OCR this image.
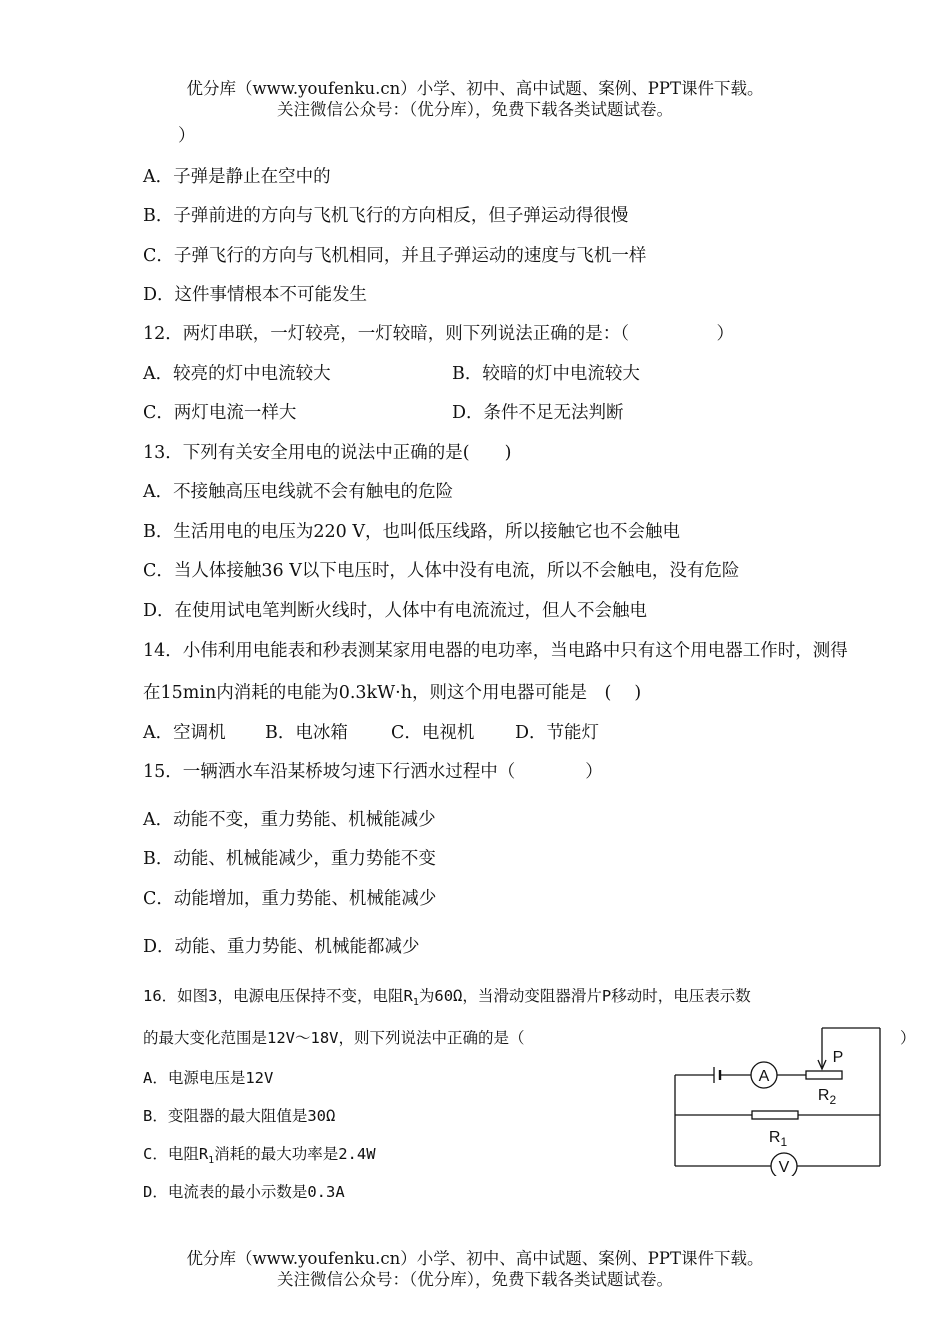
优分库（www.youfenku.cn）小学、初中、高中试题、案例、PPT课件下载。
关注微信公众号：（优分库），免费下载各类试题试卷。
）
A．子弹是静止在空中的
B．子弹前进的方向与飞机飞行的方向相反，但子弹运动得很慢
C．子弹飞行的方向与飞机相同，并且子弹运动的速度与飞机一样
D．这件事情根本不可能发生
12．两灯串联，一灯较亮，一灯较暗，则下列说法正确的是：（　　　　　）
A．较亮的灯中电流较大	B．较暗的灯中电流较大
C．两灯电流一样大	D．条件不足无法判断
13．下列有关安全用电的说法中正确的是(　　)
A．不接触高压电线就不会有触电的危险
B．生活用电的电压为220 V，也叫低压线路，所以接触它也不会触电
C．当人体接触36 V以下电压时，人体中没有电流，所以不会触电，没有危险
D．在使用试电笔判断火线时，人体中有电流流过，但人不会触电
14．小伟利用电能表和秒表测某家用电器的电功率，当电路中只有这个用电器工作时，测得
在15min内消耗的电能为0.3kW·h，则这个用电器可能是　(　 )
A．空调机 B．电冰箱 C．电视机 D．节能灯
15．一辆洒水车沿某桥坡匀速下行洒水过程中（　　　　）
A．动能不变，重力势能、机械能减少
B．动能、机械能减少，重力势能不变
C．动能增加，重力势能、机械能减少
D．动能、重力势能、机械能都减少
16．如图3，电源电压保持不变，电阻$R_1$为60Ω，当滑动变阻器滑片P移动时，电压表示数
的最大变化范围是12V～18V，则下列说法中正确的是（	）
A．电源电压是12V
B．变阻器的最大阻值是30Ω
C．电阻$R_1$消耗的最大功率是2.4W
D．电流表的最小示数是0.3A
A
V
P
$R_2$
$R_1$
优分库（www.youfenku.cn）小学、初中、高中试题、案例、PPT课件下载。
关注微信公众号：（优分库），免费下载各类试题试卷。
